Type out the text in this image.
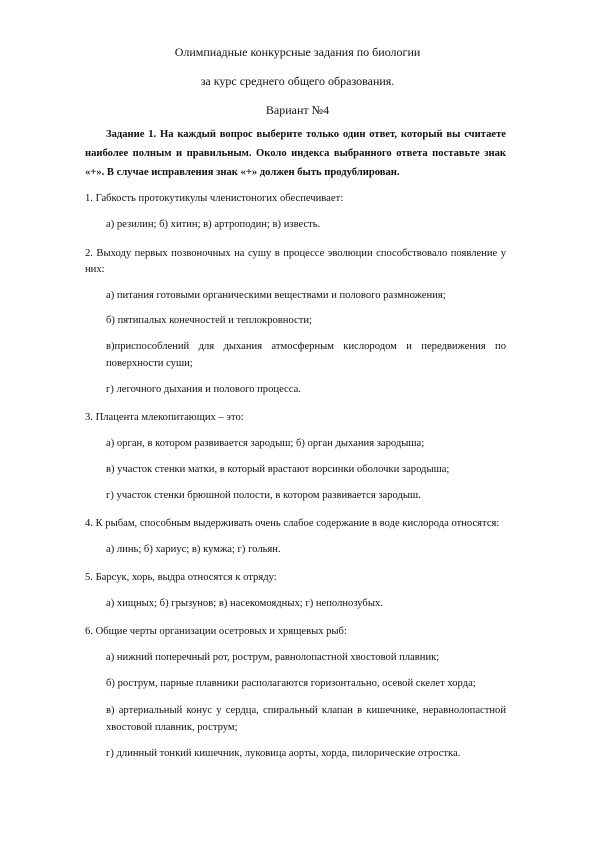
Олимпиадные конкурсные задания по биологии
за курс среднего общего образования.
Вариант №4
Задание 1. На каждый вопрос выберите только один ответ, который вы считаете
наиболее полным и правильным. Около индекса выбранного ответа поставьте знак
«+». В случае исправления знак «+» должен быть продублирован.
1. Габкость протокутикулы членистоногих обеспечивает:
а) резилин; б) хитин; в) артроподин; в) известь.
2. Выходу первых позвоночных на сушу в процессе эволюции способствовало появление у
них:
а) питания готовыми органическими веществами и полового размножения;
б) пятипалых конечностей и теплокровности;
в)приспособлений для дыхания атмосферным кислородом и передвижения по
поверхности суши;
г) легочного дыхания и полового процесса.
3. Плацента млекопитающих – это:
а) орган, в котором развивается зародыш; б) орган дыхания зародыша;
в) участок стенки матки, в который врастают ворсинки оболочки зародыша;
г) участок стенки брюшной полости, в котором развивается зародыш.
4. К рыбам, способным выдерживать очень слабое содержание в воде кислорода относятся:
а) линь; б) хариус; в) кумжа; г) гольян.
5. Барсук, хорь, выдра относятся к отряду:
а) хищных; б) грызунов; в) насекомоядных; г) неполнозубых.
6. Общие черты организации осетровых и хрящевых рыб:
а) нижний поперечный рот, рострум, равнолопастной хвостовой плавник;
б) рострум, парные плавники располагаются горизонтально, осевой скелет хорда;
в) артериальный конус у сердца, спиральный клапан в кишечнике, неравнолопастной
хвостовой плавник, рострум;
г) длинный тонкий кишечник, луковица аорты, хорда, пилорические отростка.
